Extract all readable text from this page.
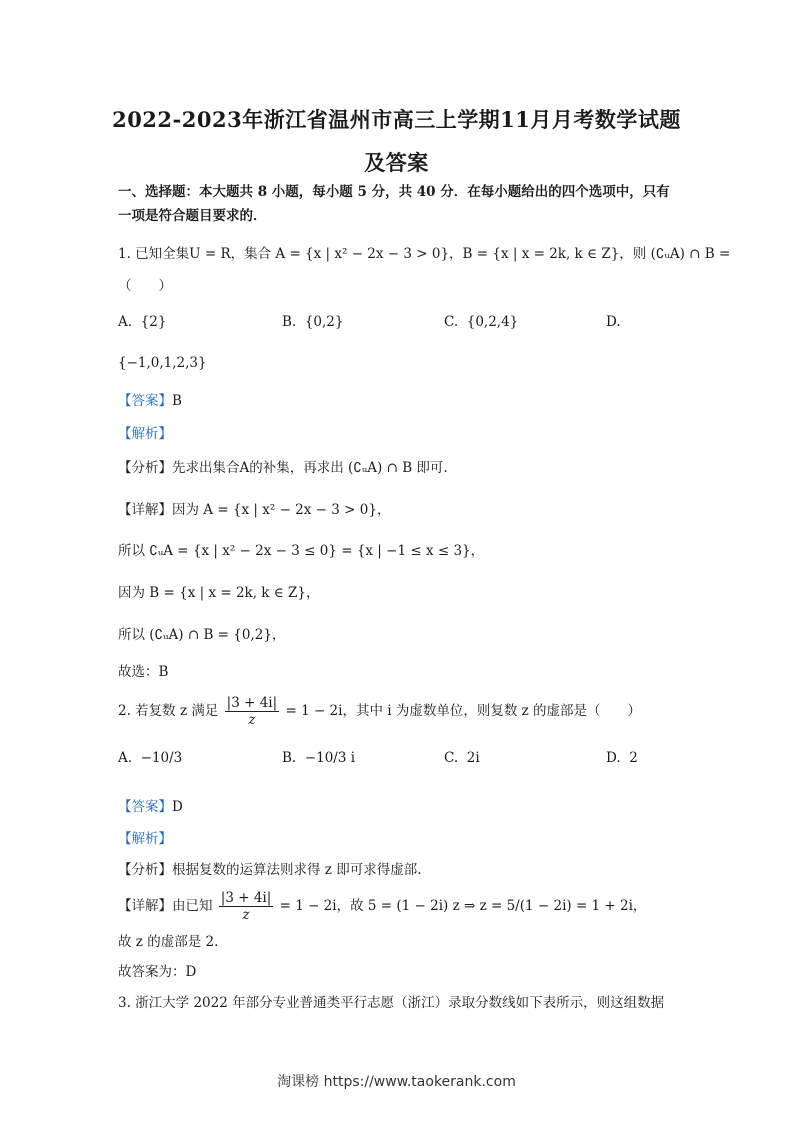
2022-2023年浙江省温州市高三上学期11月月考数学试题
及答案
一、选择题：本大题共 8 小题，每小题 5 分，共 40 分．在每小题给出的四个选项中，只有
一项是符合题目要求的．
1. 已知全集U = R，集合 A = {x | x² − 2x − 3 > 0}，B = {x | x = 2k, k ∈ Z}，则 (∁ᵤA) ∩ B =
（　　）
A. {2}	B. {0,2}	C. {0,2,4}	D.
{−1,0,1,2,3}
【答案】B
【解析】
【分析】先求出集合A的补集，再求出 (∁ᵤA) ∩ B 即可.
【详解】因为 A = {x | x² − 2x − 3 > 0}，
所以 ∁ᵤA = {x | x² − 2x − 3 ≤ 0} = {x | −1 ≤ x ≤ 3}，
因为 B = {x | x = 2k, k ∈ Z}，
所以 (∁ᵤA) ∩ B = {0,2}，
故选：B
2. 若复数 z 满足 $\frac{|3 + 4i|}{z} = 1 - 2i$，其中 i 为虚数单位，则复数 z 的虚部是（　　）
A. −10/3	B. −10/3 i	C. 2i	D. 2
【答案】D
【解析】
【分析】根据复数的运算法则求得 z 即可求得虚部.
【详解】由已知 $\frac{|3 + 4i|}{z} = 1 - 2i$，故 5 = (1 − 2i) z ⇒ z = 5/(1 − 2i) = 1 + 2i，
故 z 的虚部是 2.
故答案为：D
3. 浙江大学 2022 年部分专业普通类平行志愿（浙江）录取分数线如下表所示，则这组数据
淘课榜 https://www.taokerank.com
